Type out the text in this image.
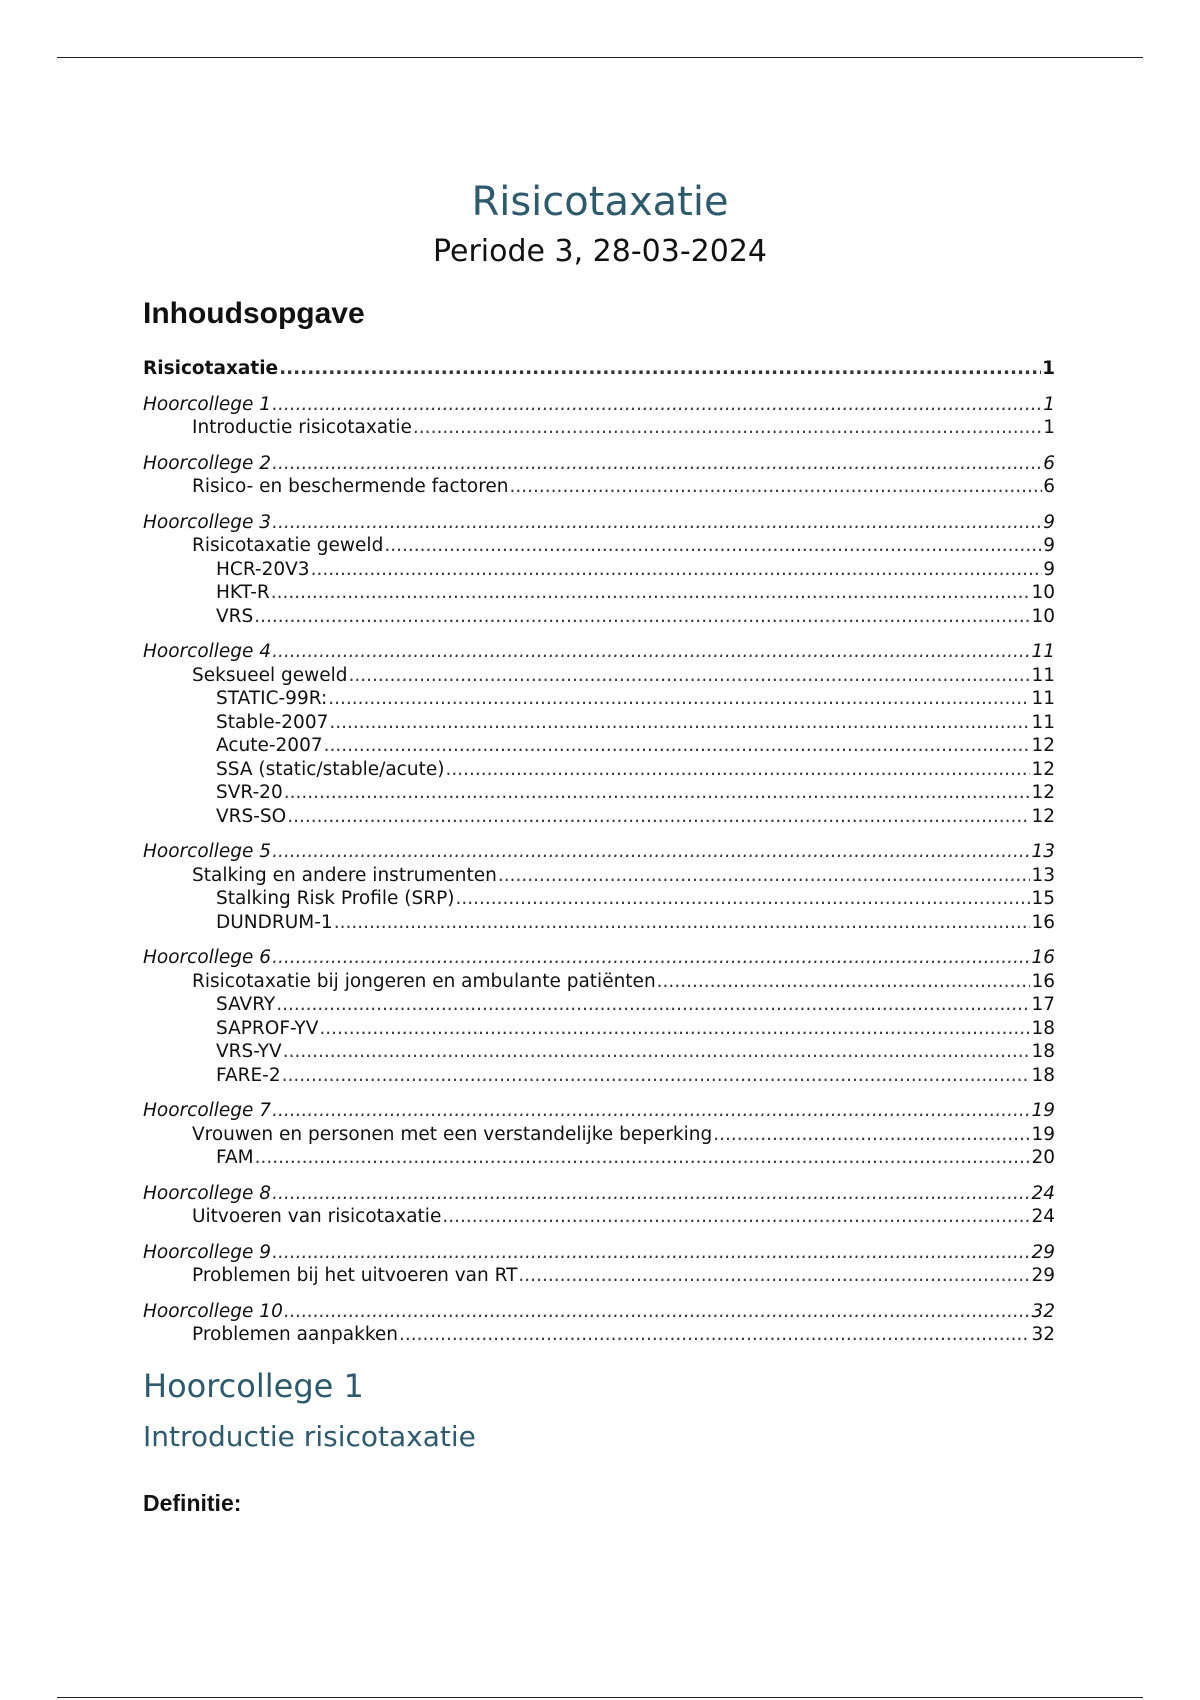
Risicotaxatie
Periode 3, 28-03-2024
Inhoudsopgave
Risicotaxatie .....	1
Hoorcollege 1 .....	1
Introductie risicotaxatie .....	1
Hoorcollege 2 .....	6
Risico- en beschermende factoren .....	6
Hoorcollege 3 .....	9
Risicotaxatie geweld .....	9
HCR-20V3 .....	9
HKT-R .....	10
VRS .....	10
Hoorcollege 4 .....	11
Seksueel geweld .....	11
STATIC-99R: .....	11
Stable-2007 .....	11
Acute-2007 .....	12
SSA (static/stable/acute) .....	12
SVR-20 .....	12
VRS-SO .....	12
Hoorcollege 5 .....	13
Stalking en andere instrumenten .....	13
Stalking Risk Profile (SRP) .....	15
DUNDRUM-1 .....	16
Hoorcollege 6 .....	16
Risicotaxatie bij jongeren en ambulante patiënten .....	16
SAVRY .....	17
SAPROF-YV .....	18
VRS-YV .....	18
FARE-2 .....	18
Hoorcollege 7 .....	19
Vrouwen en personen met een verstandelijke beperking .....	19
FAM .....	20
Hoorcollege 8 .....	24
Uitvoeren van risicotaxatie .....	24
Hoorcollege 9 .....	29
Problemen bij het uitvoeren van RT .....	29
Hoorcollege 10 .....	32
Problemen aanpakken .....	32
Hoorcollege 1
Introductie risicotaxatie

Definitie:
